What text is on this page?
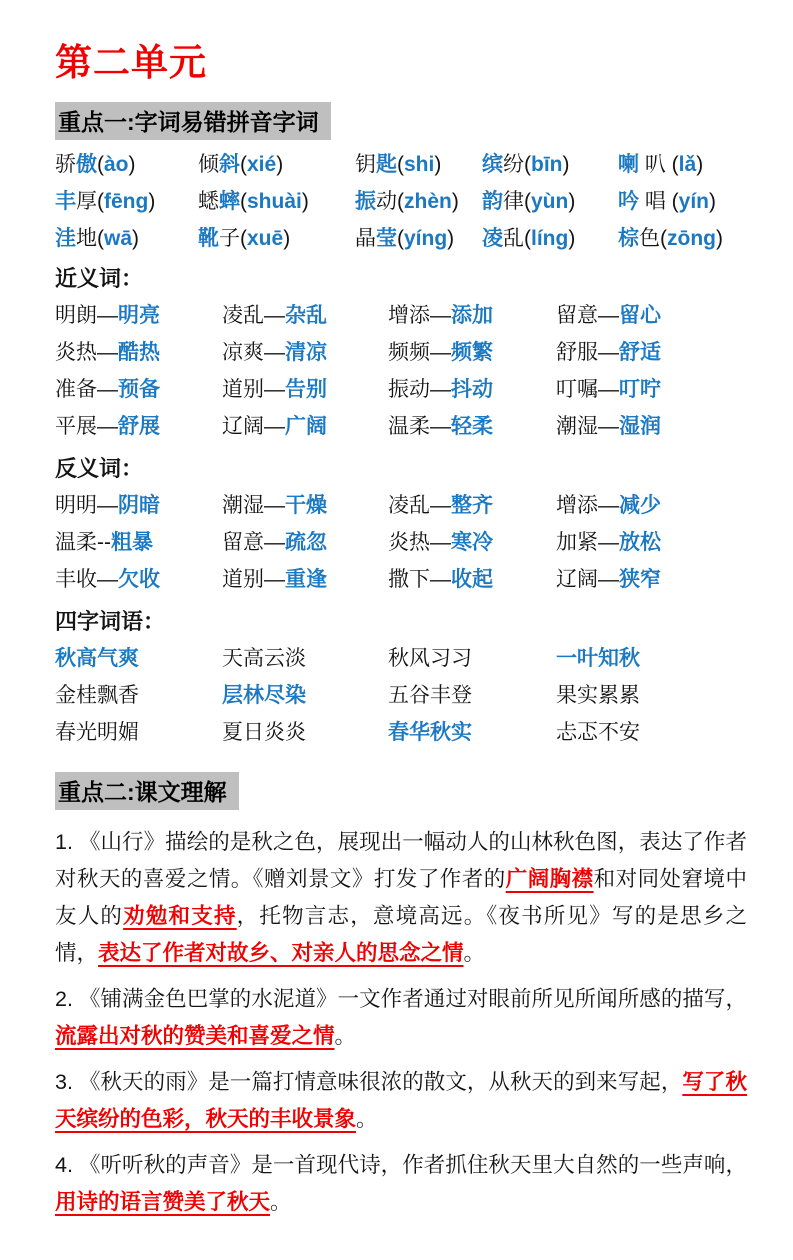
第二单元
重点一:字词易错拼音字词
骄傲(ào)	倾斜(xié)	钥匙(shi)	缤纷(bīn)	喇 叭 (lǎ)
丰厚(fēng)	蟋蟀(shuài)	振动(zhèn)	韵律(yùn)	吟 唱 (yín)
洼地(wā)	靴子(xuē)	晶莹(yíng)	凌乱(líng)	棕色(zōng)
近义词：
明朗—明亮	凌乱—杂乱	增添—添加	留意—留心
炎热—酷热	凉爽—清凉	频频—频繁	舒服—舒适
准备—预备	道别—告别	振动—抖动	叮嘱—叮咛
平展—舒展	辽阔—广阔	温柔—轻柔	潮湿—湿润
反义词：
明明—阴暗	潮湿—干燥	凌乱—整齐	增添—减少
温柔--粗暴	留意—疏忽	炎热—寒冷	加紧—放松
丰收—欠收	道别—重逢	撒下—收起	辽阔—狭窄
四字词语：
秋高气爽	天高云淡	秋风习习	一叶知秋
金桂飘香	层林尽染	五谷丰登	果实累累
春光明媚	夏日炎炎	春华秋实	忐忑不安
重点二:课文理解

1. 《山行》描绘的是秋之色，展现出一幅动人的山林秋色图，表达了作者对秋天的喜爱之情。《赠刘景文》打发了作者的广阔胸襟和对同处窘境中友人的劝勉和支持，托物言志，意境高远。《夜书所见》写的是思乡之情，表达了作者对故乡、对亲人的思念之情。

2. 《铺满金色巴掌的水泥道》一文作者通过对眼前所见所闻所感的描写，流露出对秋的赞美和喜爱之情。

3. 《秋天的雨》是一篇打情意味很浓的散文，从秋天的到来写起，写了秋天缤纷的色彩，秋天的丰收景象。

4. 《听听秋的声音》是一首现代诗，作者抓住秋天里大自然的一些声响，用诗的语言赞美了秋天。
